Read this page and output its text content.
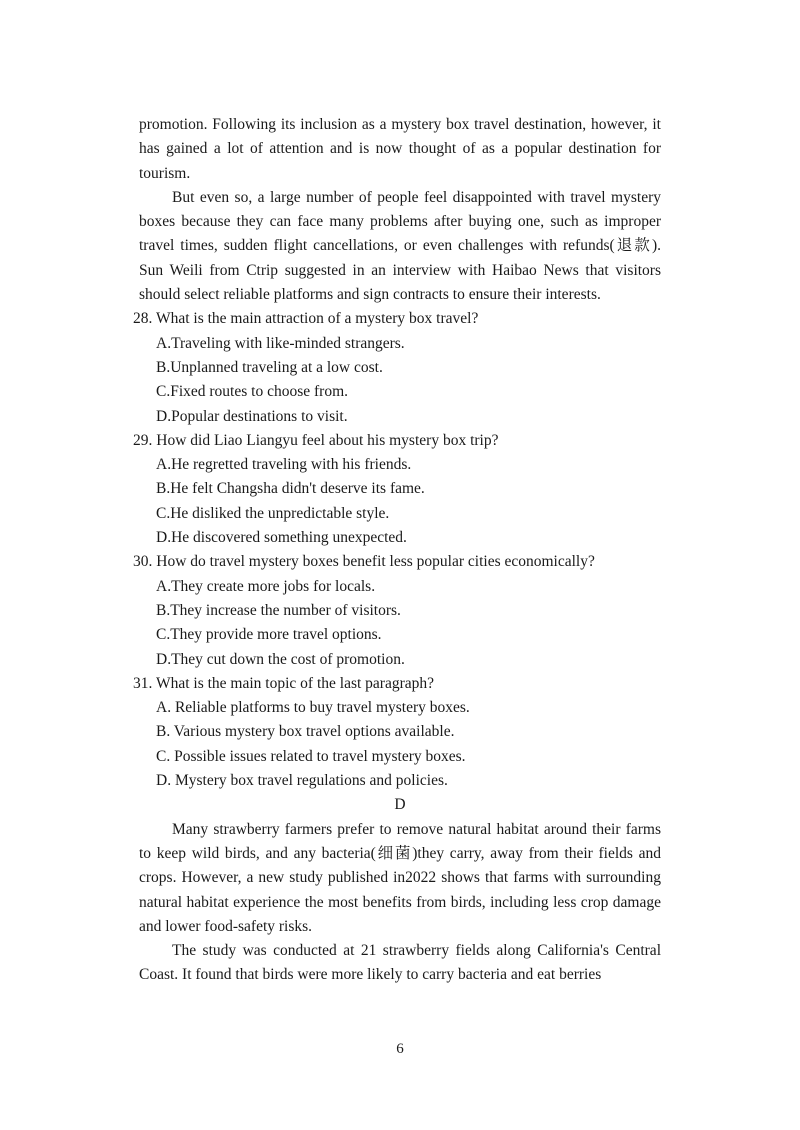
promotion. Following its inclusion as a mystery box travel destination, however, it has gained a lot of attention and is now thought of as a popular destination for tourism.

But even so, a large number of people feel disappointed with travel mystery boxes because they can face many problems after buying one, such as improper travel times, sudden flight cancellations, or even challenges with refunds(退款). Sun Weili from Ctrip suggested in an interview with Haibao News that visitors should select reliable platforms and sign contracts to ensure their interests.

28. What is the main attraction of a mystery box travel?

A.Traveling with like-minded strangers.

B.Unplanned traveling at a low cost.

C.Fixed routes to choose from.

D.Popular destinations to visit.

29. How did Liao Liangyu feel about his mystery box trip?

A.He regretted traveling with his friends.

B.He felt Changsha didn't deserve its fame.

C.He disliked the unpredictable style.

D.He discovered something unexpected.

30. How do travel mystery boxes benefit less popular cities economically?

A.They create more jobs for locals.

B.They increase the number of visitors.

C.They provide more travel options.

D.They cut down the cost of promotion.

31. What is the main topic of the last paragraph?

A. Reliable platforms to buy travel mystery boxes.

B. Various mystery box travel options available.

C. Possible issues related to travel mystery boxes.

D. Mystery box travel regulations and policies.

D

Many strawberry farmers prefer to remove natural habitat around their farms to keep wild birds, and any bacteria(细菌)they carry, away from their fields and crops. However, a new study published in2022 shows that farms with surrounding natural habitat experience the most benefits from birds, including less crop damage and lower food-safety risks.

The study was conducted at 21 strawberry fields along California's Central Coast. It found that birds were more likely to carry bacteria and eat berries

6
